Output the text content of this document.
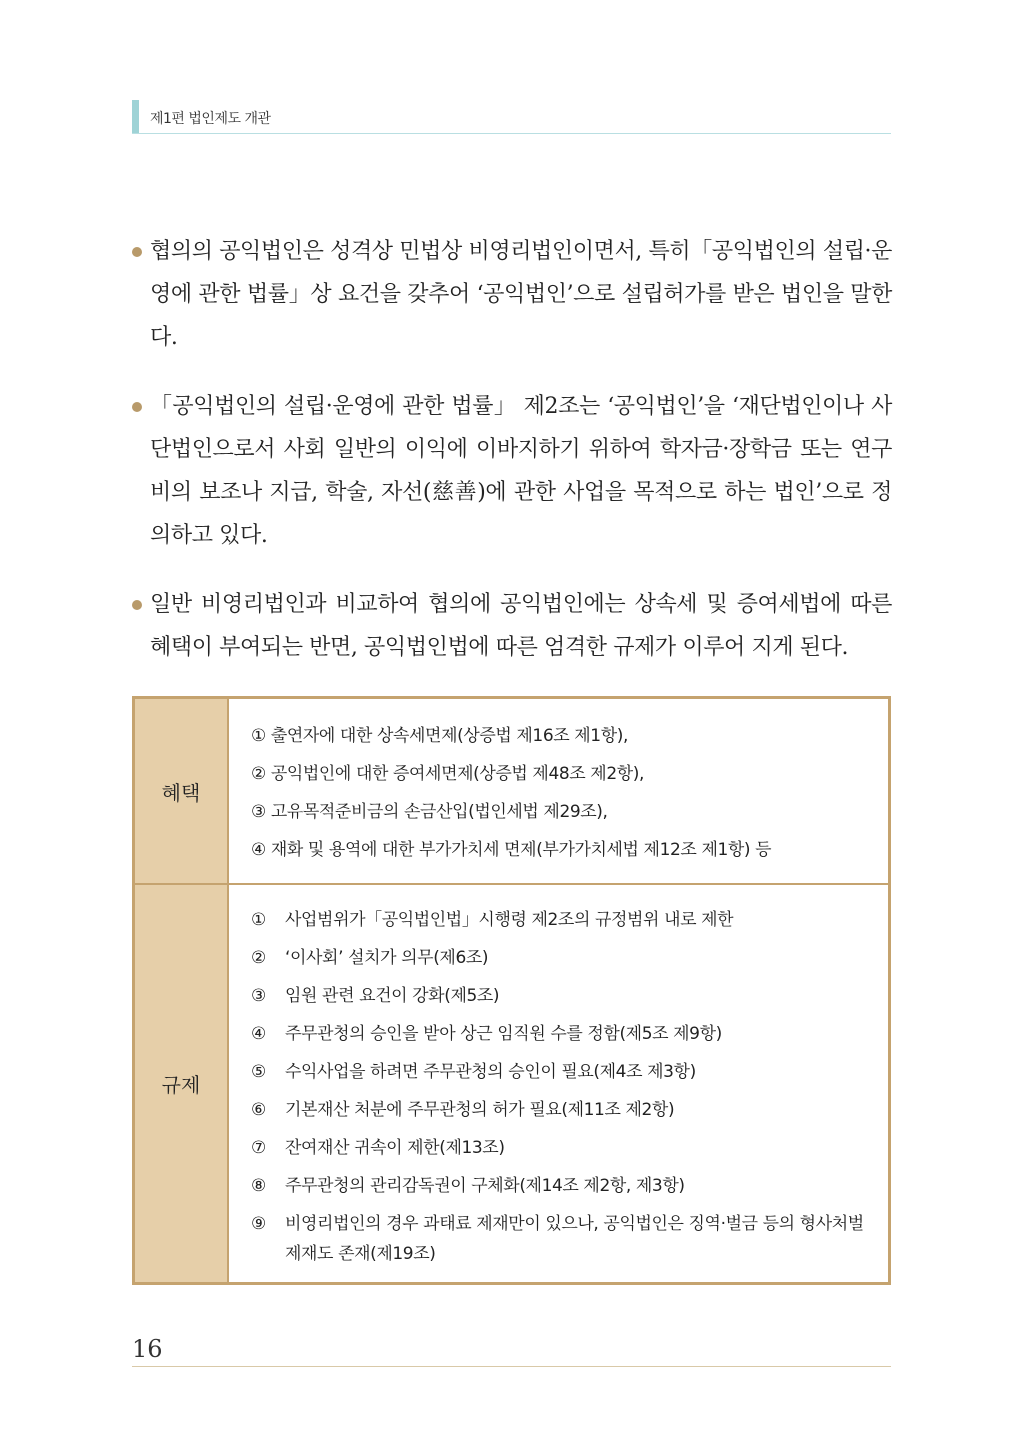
제1편 법인제도 개관
협의의 공익법인은 성격상 민법상 비영리법인이면서, 특히「공익법인의 설립·운영에 관한 법률」상 요건을 갖추어 ‘공익법인’으로 설립허가를 받은 법인을 말한다.
「공익법인의 설립·운영에 관한 법률」 제2조는 ‘공익법인’을 ‘재단법인이나 사단법인으로서 사회 일반의 이익에 이바지하기 위하여 학자금·장학금 또는 연구비의 보조나 지급, 학술, 자선(慈善)에 관한 사업을 목적으로 하는 법인’으로 정의하고 있다.
일반 비영리법인과 비교하여 협의에 공익법인에는 상속세 및 증여세법에 따른 혜택이 부여되는 반면, 공익법인법에 따른 엄격한 규제가 이루어 지게 된다.
혜택
① 출연자에 대한 상속세면제(상증법 제16조 제1항),
② 공익법인에 대한 증여세면제(상증법 제48조 제2항),
③ 고유목적준비금의 손금산입(법인세법 제29조),
④ 재화 및 용역에 대한 부가가치세 면제(부가가치세법 제12조 제1항) 등
규제
① 사업범위가「공익법인법」시행령 제2조의 규정범위 내로 제한
② ‘이사회’ 설치가 의무(제6조)
③ 임원 관련 요건이 강화(제5조)
④ 주무관청의 승인을 받아 상근 임직원 수를 정함(제5조 제9항)
⑤ 수익사업을 하려면 주무관청의 승인이 필요(제4조 제3항)
⑥ 기본재산 처분에 주무관청의 허가 필요(제11조 제2항)
⑦ 잔여재산 귀속이 제한(제13조)
⑧ 주무관청의 관리감독권이 구체화(제14조 제2항, 제3항)
⑨	비영리법인의 경우 과태료 제재만이 있으나, 공익법인은 징역·벌금 등의 형사처벌 제재도 존재(제19조)
16
